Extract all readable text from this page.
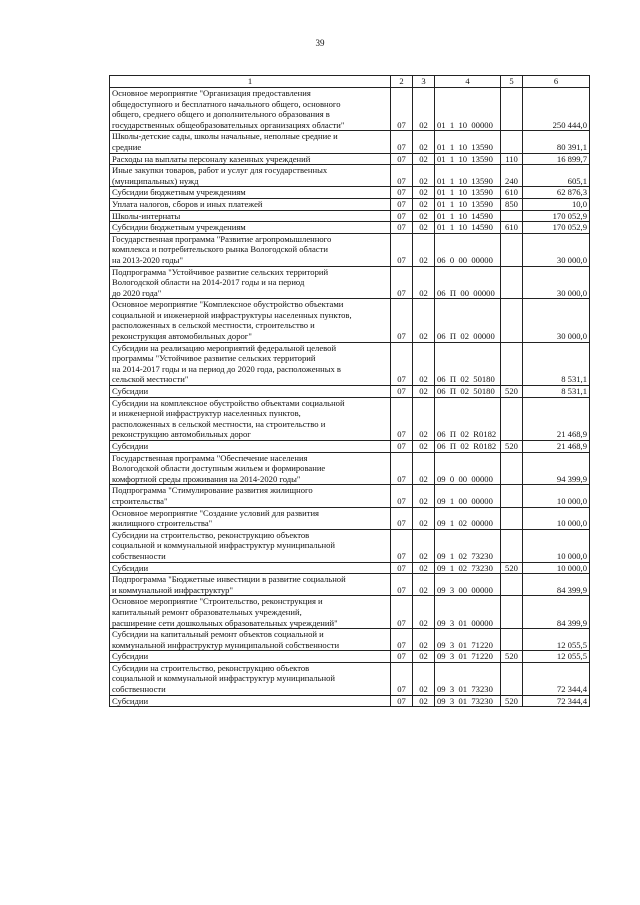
39
1	2	3	4	5	6
Основное мероприятие "Организация предоставления
общедоступного и бесплатного начального общего, основного
общего, среднего общего и дополнительного образования в
государственных общеобразовательных организациях области"	07	02	01  1  10  00000		250 444,0
Школы-детские сады, школы начальные, неполные средние и
средние	07	02	01  1  10  13590		80 391,1
Расходы на выплаты персоналу казенных учреждений	07	02	01  1  10  13590	110	16 899,7
Иные закупки товаров, работ и услуг для государственных
(муниципальных) нужд	07	02	01  1  10  13590	240	605,1
Субсидии бюджетным учреждениям	07	02	01  1  10  13590	610	62 876,3
Уплата налогов, сборов и иных платежей	07	02	01  1  10  13590	850	10,0
Школы-интернаты	07	02	01  1  10  14590		170 052,9
Субсидии бюджетным учреждениям	07	02	01  1  10  14590	610	170 052,9
Государственная программа "Развитие агропромышленного
комплекса и потребительского рынка Вологодской области
на 2013-2020 годы"	07	02	06  0  00  00000		30 000,0
Подпрограмма "Устойчивое развитие сельских территорий
Вологодской области на 2014-2017 годы и на период
до 2020 года"	07	02	06  П  00  00000		30 000,0
Основное мероприятие "Комплексное обустройство объектами
социальной и инженерной инфраструктуры населенных пунктов,
расположенных в сельской местности, строительство и
реконструкция автомобильных дорог"	07	02	06  П  02  00000		30 000,0
Субсидии на реализацию мероприятий федеральной целевой
программы "Устойчивое развитие сельских территорий
на 2014-2017 годы и на период до 2020 года, расположенных в
сельской местности"	07	02	06  П  02  50180		8 531,1
Субсидии	07	02	06  П  02  50180	520	8 531,1
Субсидии на комплексное обустройство объектами социальной
и инженерной инфраструктур населенных пунктов,
расположенных в сельской местности, на строительство и
реконструкцию автомобильных дорог	07	02	06  П  02  R0182		21 468,9
Субсидии	07	02	06  П  02  R0182	520	21 468,9
Государственная программа "Обеспечение населения
Вологодской области доступным жильем и формирование
комфортной среды проживания на 2014-2020 годы"	07	02	09  0  00  00000		94 399,9
Подпрограмма "Стимулирование развития жилищного
строительства"	07	02	09  1  00  00000		10 000,0
Основное мероприятие "Создание условий для развития
жилищного строительства"	07	02	09  1  02  00000		10 000,0
Субсидии на строительство, реконструкцию объектов
социальной и коммунальной инфраструктур муниципальной
собственности	07	02	09  1  02  73230		10 000,0
Субсидии	07	02	09  1  02  73230	520	10 000,0
Подпрограмма "Бюджетные инвестиции в развитие социальной
и коммунальной инфраструктур"	07	02	09  3  00  00000		84 399,9
Основное мероприятие "Строительство, реконструкция и
капитальный ремонт образовательных учреждений,
расширение сети дошкольных образовательных учреждений"	07	02	09  3  01  00000		84 399,9
Субсидии на капитальный ремонт объектов социальной и
коммунальной инфраструктур муниципальной собственности	07	02	09  3  01  71220		12 055,5
Субсидии	07	02	09  3  01  71220	520	12 055,5
Субсидии на строительство, реконструкцию объектов
социальной и коммунальной инфраструктур муниципальной
собственности	07	02	09  3  01  73230		72 344,4
Субсидии	07	02	09  3  01  73230	520	72 344,4
